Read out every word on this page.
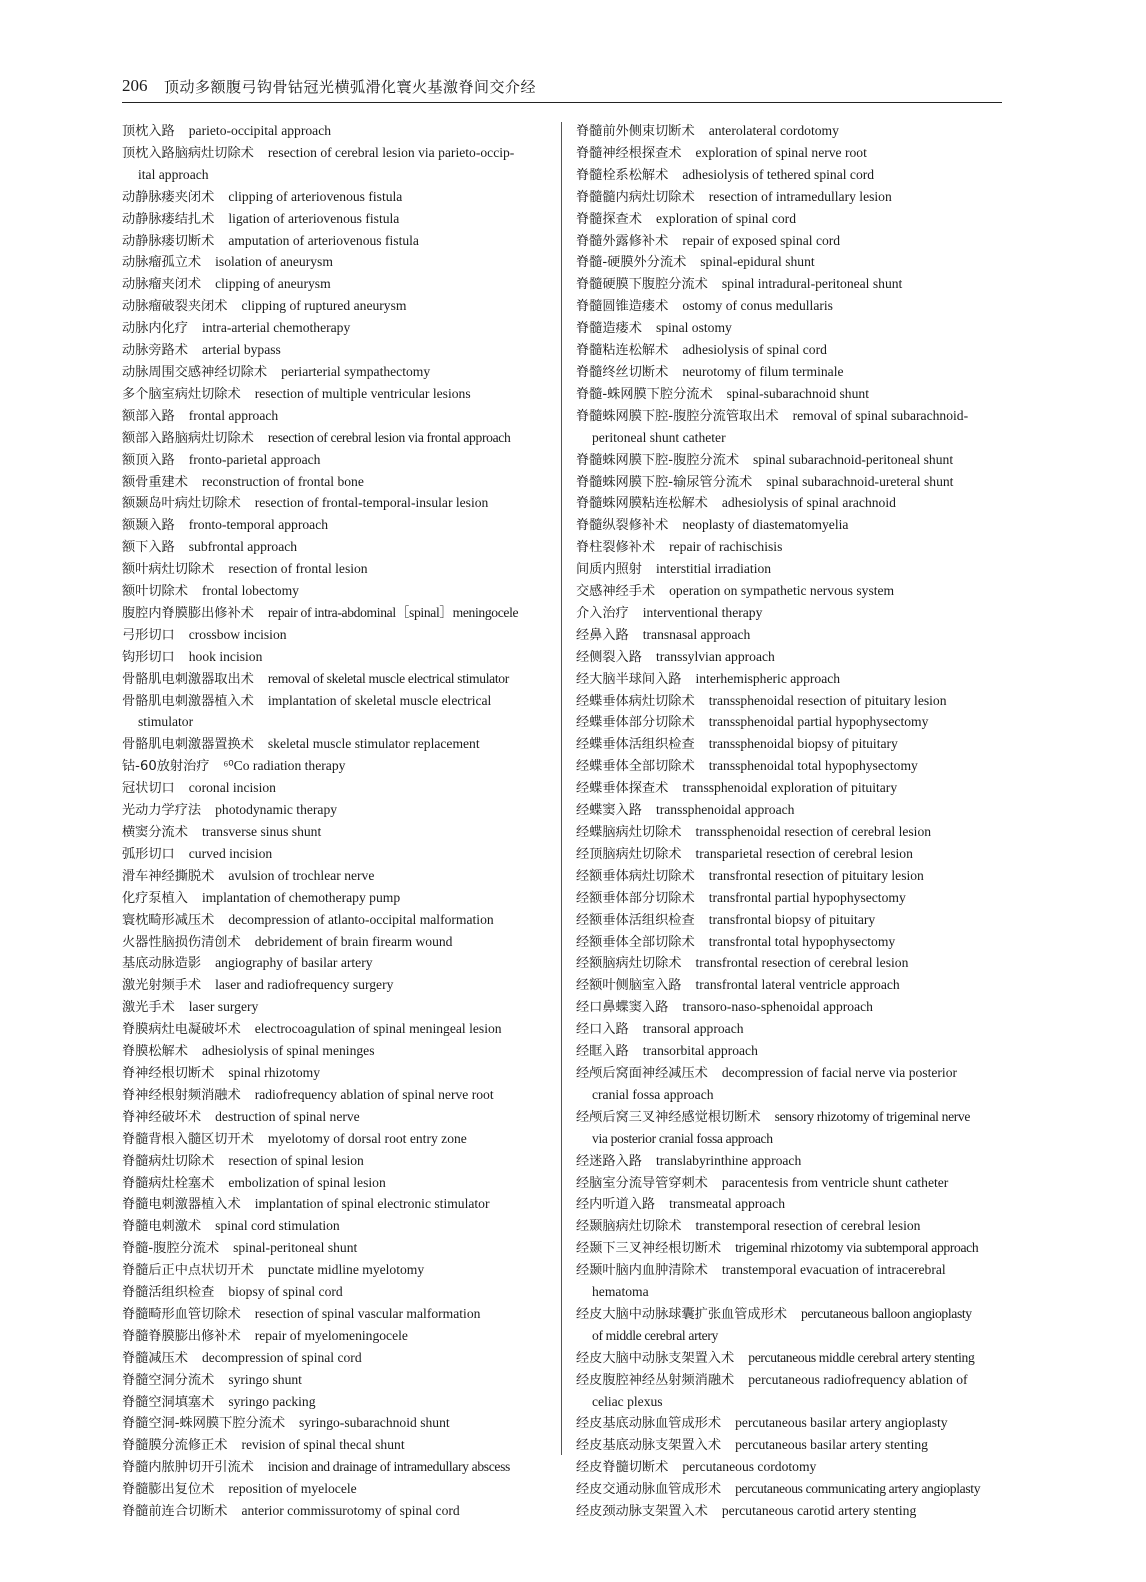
206 顶动多额腹弓钩骨钴冠光横弧滑化寰火基激脊间交介经
顶枕入路 parieto-occipital approach
顶枕入路脑病灶切除术 resection of cerebral lesion via parieto-occip-
ital approach
动静脉瘘夹闭术 clipping of arteriovenous fistula
动静脉瘘结扎术 ligation of arteriovenous fistula
动静脉瘘切断术 amputation of arteriovenous fistula
动脉瘤孤立术 isolation of aneurysm
动脉瘤夹闭术 clipping of aneurysm
动脉瘤破裂夹闭术 clipping of ruptured aneurysm
动脉内化疗 intra-arterial chemotherapy
动脉旁路术 arterial bypass
动脉周围交感神经切除术 periarterial sympathectomy
多个脑室病灶切除术 resection of multiple ventricular lesions
额部入路 frontal approach
额部入路脑病灶切除术 resection of cerebral lesion via frontal approach
额顶入路 fronto-parietal approach
额骨重建术 reconstruction of frontal bone
额颞岛叶病灶切除术 resection of frontal-temporal-insular lesion
额颞入路 fronto-temporal approach
额下入路 subfrontal approach
额叶病灶切除术 resection of frontal lesion
额叶切除术 frontal lobectomy
腹腔内脊膜膨出修补术 repair of intra-abdominal［spinal］meningocele
弓形切口 crossbow incision
钩形切口 hook incision
骨骼肌电刺激器取出术 removal of skeletal muscle electrical stimulator
骨骼肌电刺激器植入术 implantation of skeletal muscle electrical
stimulator
骨骼肌电刺激器置换术 skeletal muscle stimulator replacement
钴-60放射治疗 ⁶⁰Co radiation therapy
冠状切口 coronal incision
光动力学疗法 photodynamic therapy
横窦分流术 transverse sinus shunt
弧形切口 curved incision
滑车神经撕脱术 avulsion of trochlear nerve
化疗泵植入 implantation of chemotherapy pump
寰枕畸形减压术 decompression of atlanto-occipital malformation
火器性脑损伤清创术 debridement of brain firearm wound
基底动脉造影 angiography of basilar artery
激光射频手术 laser and radiofrequency surgery
激光手术 laser surgery
脊膜病灶电凝破坏术 electrocoagulation of spinal meningeal lesion
脊膜松解术 adhesiolysis of spinal meninges
脊神经根切断术 spinal rhizotomy
脊神经根射频消融术 radiofrequency ablation of spinal nerve root
脊神经破坏术 destruction of spinal nerve
脊髓背根入髓区切开术 myelotomy of dorsal root entry zone
脊髓病灶切除术 resection of spinal lesion
脊髓病灶栓塞术 embolization of spinal lesion
脊髓电刺激器植入术 implantation of spinal electronic stimulator
脊髓电刺激术 spinal cord stimulation
脊髓-腹腔分流术 spinal-peritoneal shunt
脊髓后正中点状切开术 punctate midline myelotomy
脊髓活组织检查 biopsy of spinal cord
脊髓畸形血管切除术 resection of spinal vascular malformation
脊髓脊膜膨出修补术 repair of myelomeningocele
脊髓减压术 decompression of spinal cord
脊髓空洞分流术 syringo shunt
脊髓空洞填塞术 syringo packing
脊髓空洞-蛛网膜下腔分流术 syringo-subarachnoid shunt
脊髓膜分流修正术 revision of spinal thecal shunt
脊髓内脓肿切开引流术 incision and drainage of intramedullary abscess
脊髓膨出复位术 reposition of myelocele
脊髓前连合切断术 anterior commissurotomy of spinal cord
脊髓前外侧束切断术 anterolateral cordotomy
脊髓神经根探查术 exploration of spinal nerve root
脊髓栓系松解术 adhesiolysis of tethered spinal cord
脊髓髓内病灶切除术 resection of intramedullary lesion
脊髓探查术 exploration of spinal cord
脊髓外露修补术 repair of exposed spinal cord
脊髓-硬膜外分流术 spinal-epidural shunt
脊髓硬膜下腹腔分流术 spinal intradural-peritoneal shunt
脊髓圆锥造瘘术 ostomy of conus medullaris
脊髓造瘘术 spinal ostomy
脊髓粘连松解术 adhesiolysis of spinal cord
脊髓终丝切断术 neurotomy of filum terminale
脊髓-蛛网膜下腔分流术 spinal-subarachnoid shunt
脊髓蛛网膜下腔-腹腔分流管取出术 removal of spinal subarachnoid-
peritoneal shunt catheter
脊髓蛛网膜下腔-腹腔分流术 spinal subarachnoid-peritoneal shunt
脊髓蛛网膜下腔-输尿管分流术 spinal subarachnoid-ureteral shunt
脊髓蛛网膜粘连松解术 adhesiolysis of spinal arachnoid
脊髓纵裂修补术 neoplasty of diastematomyelia
脊柱裂修补术 repair of rachischisis
间质内照射 interstitial irradiation
交感神经手术 operation on sympathetic nervous system
介入治疗 interventional therapy
经鼻入路 transnasal approach
经侧裂入路 transsylvian approach
经大脑半球间入路 interhemispheric approach
经蝶垂体病灶切除术 transsphenoidal resection of pituitary lesion
经蝶垂体部分切除术 transsphenoidal partial hypophysectomy
经蝶垂体活组织检查 transsphenoidal biopsy of pituitary
经蝶垂体全部切除术 transsphenoidal total hypophysectomy
经蝶垂体探查术 transsphenoidal exploration of pituitary
经蝶窦入路 transsphenoidal approach
经蝶脑病灶切除术 transsphenoidal resection of cerebral lesion
经顶脑病灶切除术 transparietal resection of cerebral lesion
经额垂体病灶切除术 transfrontal resection of pituitary lesion
经额垂体部分切除术 transfrontal partial hypophysectomy
经额垂体活组织检查 transfrontal biopsy of pituitary
经额垂体全部切除术 transfrontal total hypophysectomy
经额脑病灶切除术 transfrontal resection of cerebral lesion
经额叶侧脑室入路 transfrontal lateral ventricle approach
经口鼻蝶窦入路 transoro-naso-sphenoidal approach
经口入路 transoral approach
经眶入路 transorbital approach
经颅后窝面神经减压术 decompression of facial nerve via posterior
cranial fossa approach
经颅后窝三叉神经感觉根切断术 sensory rhizotomy of trigeminal nerve
via posterior cranial fossa approach
经迷路入路 translabyrinthine approach
经脑室分流导管穿刺术 paracentesis from ventricle shunt catheter
经内听道入路 transmeatal approach
经颞脑病灶切除术 transtemporal resection of cerebral lesion
经颞下三叉神经根切断术 trigeminal rhizotomy via subtemporal approach
经颞叶脑内血肿清除术 transtemporal evacuation of intracerebral
hematoma
经皮大脑中动脉球囊扩张血管成形术 percutaneous balloon angioplasty
of middle cerebral artery
经皮大脑中动脉支架置入术 percutaneous middle cerebral artery stenting
经皮腹腔神经丛射频消融术 percutaneous radiofrequency ablation of
celiac plexus
经皮基底动脉血管成形术 percutaneous basilar artery angioplasty
经皮基底动脉支架置入术 percutaneous basilar artery stenting
经皮脊髓切断术 percutaneous cordotomy
经皮交通动脉血管成形术 percutaneous communicating artery angioplasty
经皮颈动脉支架置入术 percutaneous carotid artery stenting
